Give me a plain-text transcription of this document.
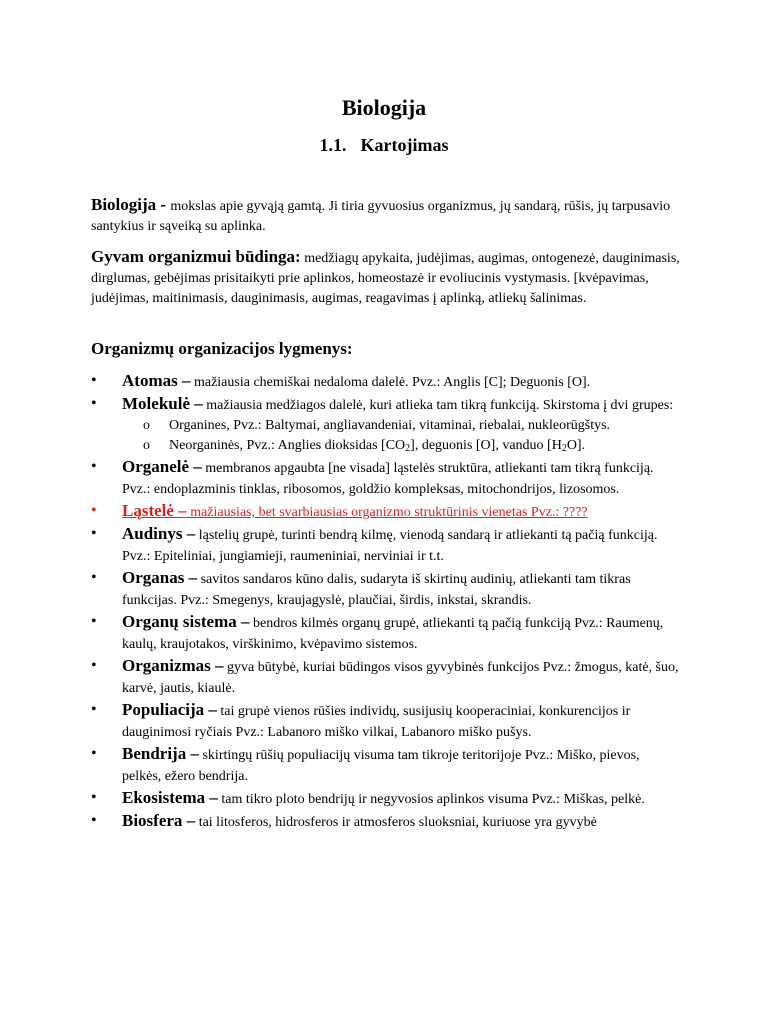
Biologija
1.1. Kartojimas

Biologija - mokslas apie gyvąją gamtą. Ji tiria gyvuosius organizmus, jų sandarą, rūšis, jų tarpusavio santykius ir sąveiką su aplinka.

Gyvam organizmui būdinga: medžiagų apykaita, judėjimas, augimas, ontogenezė, dauginimasis, dirglumas, gebėjimas prisitaikyti prie aplinkos, homeostazė ir evoliucinis vystymasis. [kvėpavimas, judėjimas, maitinimasis, dauginimasis, augimas, reagavimas į aplinką, atliekų šalinimas.

Organizmų organizacijos lygmenys:
• Atomas – mažiausia chemiškai nedaloma dalelė. Pvz.: Anglis [C]; Deguonis [O].
• Molekulė – mažiausia medžiagos dalelė, kuri atlieka tam tikrą funkciją. Skirstoma į dvi grupes:
o Organines, Pvz.: Baltymai, angliavandeniai, vitaminai, riebalai, nukleorūgštys.
o Neorganinės, Pvz.: Anglies dioksidas $[CO_2]$, deguonis [O], vanduo $[H_2O]$.
• Organelė – membranos apgaubta [ne visada] ląstelės struktūra, atliekanti tam tikrą funkciją. Pvz.: endoplazminis tinklas, ribosomos, goldžio kompleksas, mitochondrijos, lizosomos.
• Ląstelė – mažiausias, bet svarbiausias organizmo struktūrinis vienetas Pvz.: ????
• Audinys – ląstelių grupė, turinti bendrą kilmę, vienodą sandarą ir atliekanti tą pačią funkciją. Pvz.: Epiteliniai, jungiamieji, raumeniniai, nerviniai ir t.t.
• Organas – savitos sandaros kūno dalis, sudaryta iš skirtinų audinių, atliekanti tam tikras funkcijas. Pvz.: Smegenys, kraujagyslė, plaučiai, širdis, inkstai, skrandis.
• Organų sistema – bendros kilmės organų grupė, atliekanti tą pačią funkciją Pvz.: Raumenų, kaulų, kraujotakos, virškinimo, kvėpavimo sistemos.
• Organizmas – gyva būtybė, kuriai būdingos visos gyvybinės funkcijos Pvz.: žmogus, katė, šuo, karvė, jautis, kiaulė.
• Populiacija – tai grupė vienos rūšies individų, susijusių kooperaciniai, konkurencijos ir dauginimosi ryčiais Pvz.: Labanoro miško vilkai, Labanoro miško pušys.
• Bendrija – skirtingų rūšių populiacijų visuma tam tikroje teritorijoje Pvz.: Miško, pievos, pelkės, ežero bendrija.
• Ekosistema – tam tikro ploto bendrijų ir negyvosios aplinkos visuma Pvz.: Miškas, pelkė.
• Biosfera – tai litosferos, hidrosferos ir atmosferos sluoksniai, kuriuose yra gyvybė
